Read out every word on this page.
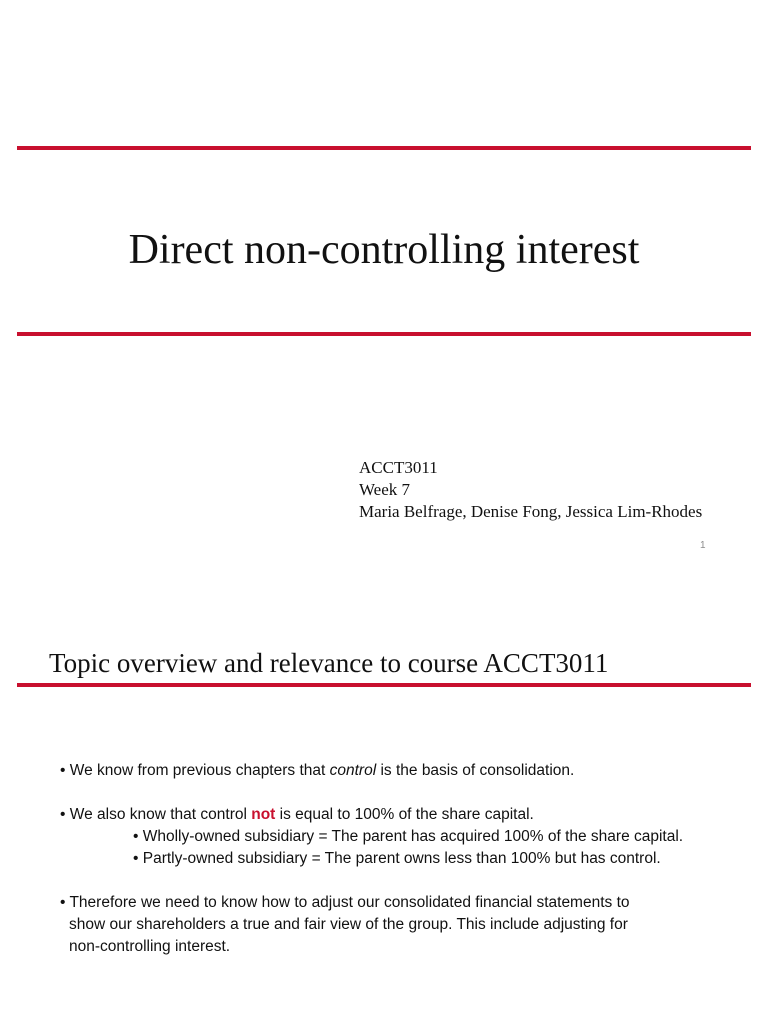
Direct non-controlling interest
ACCT3011
Week 7
Maria Belfrage, Denise Fong, Jessica Lim-Rhodes
1
Topic overview and relevance to course ACCT3011

• We know from previous chapters that control is the basis of consolidation.

• We also know that control not is equal to 100% of the share capital.

• Wholly-owned subsidiary = The parent has acquired 100% of the share capital.

• Partly-owned subsidiary = The parent owns less than 100% but has control.

• Therefore we need to know how to adjust our consolidated financial statements to

show our shareholders a true and fair view of the group. This include adjusting for

non-controlling interest.
